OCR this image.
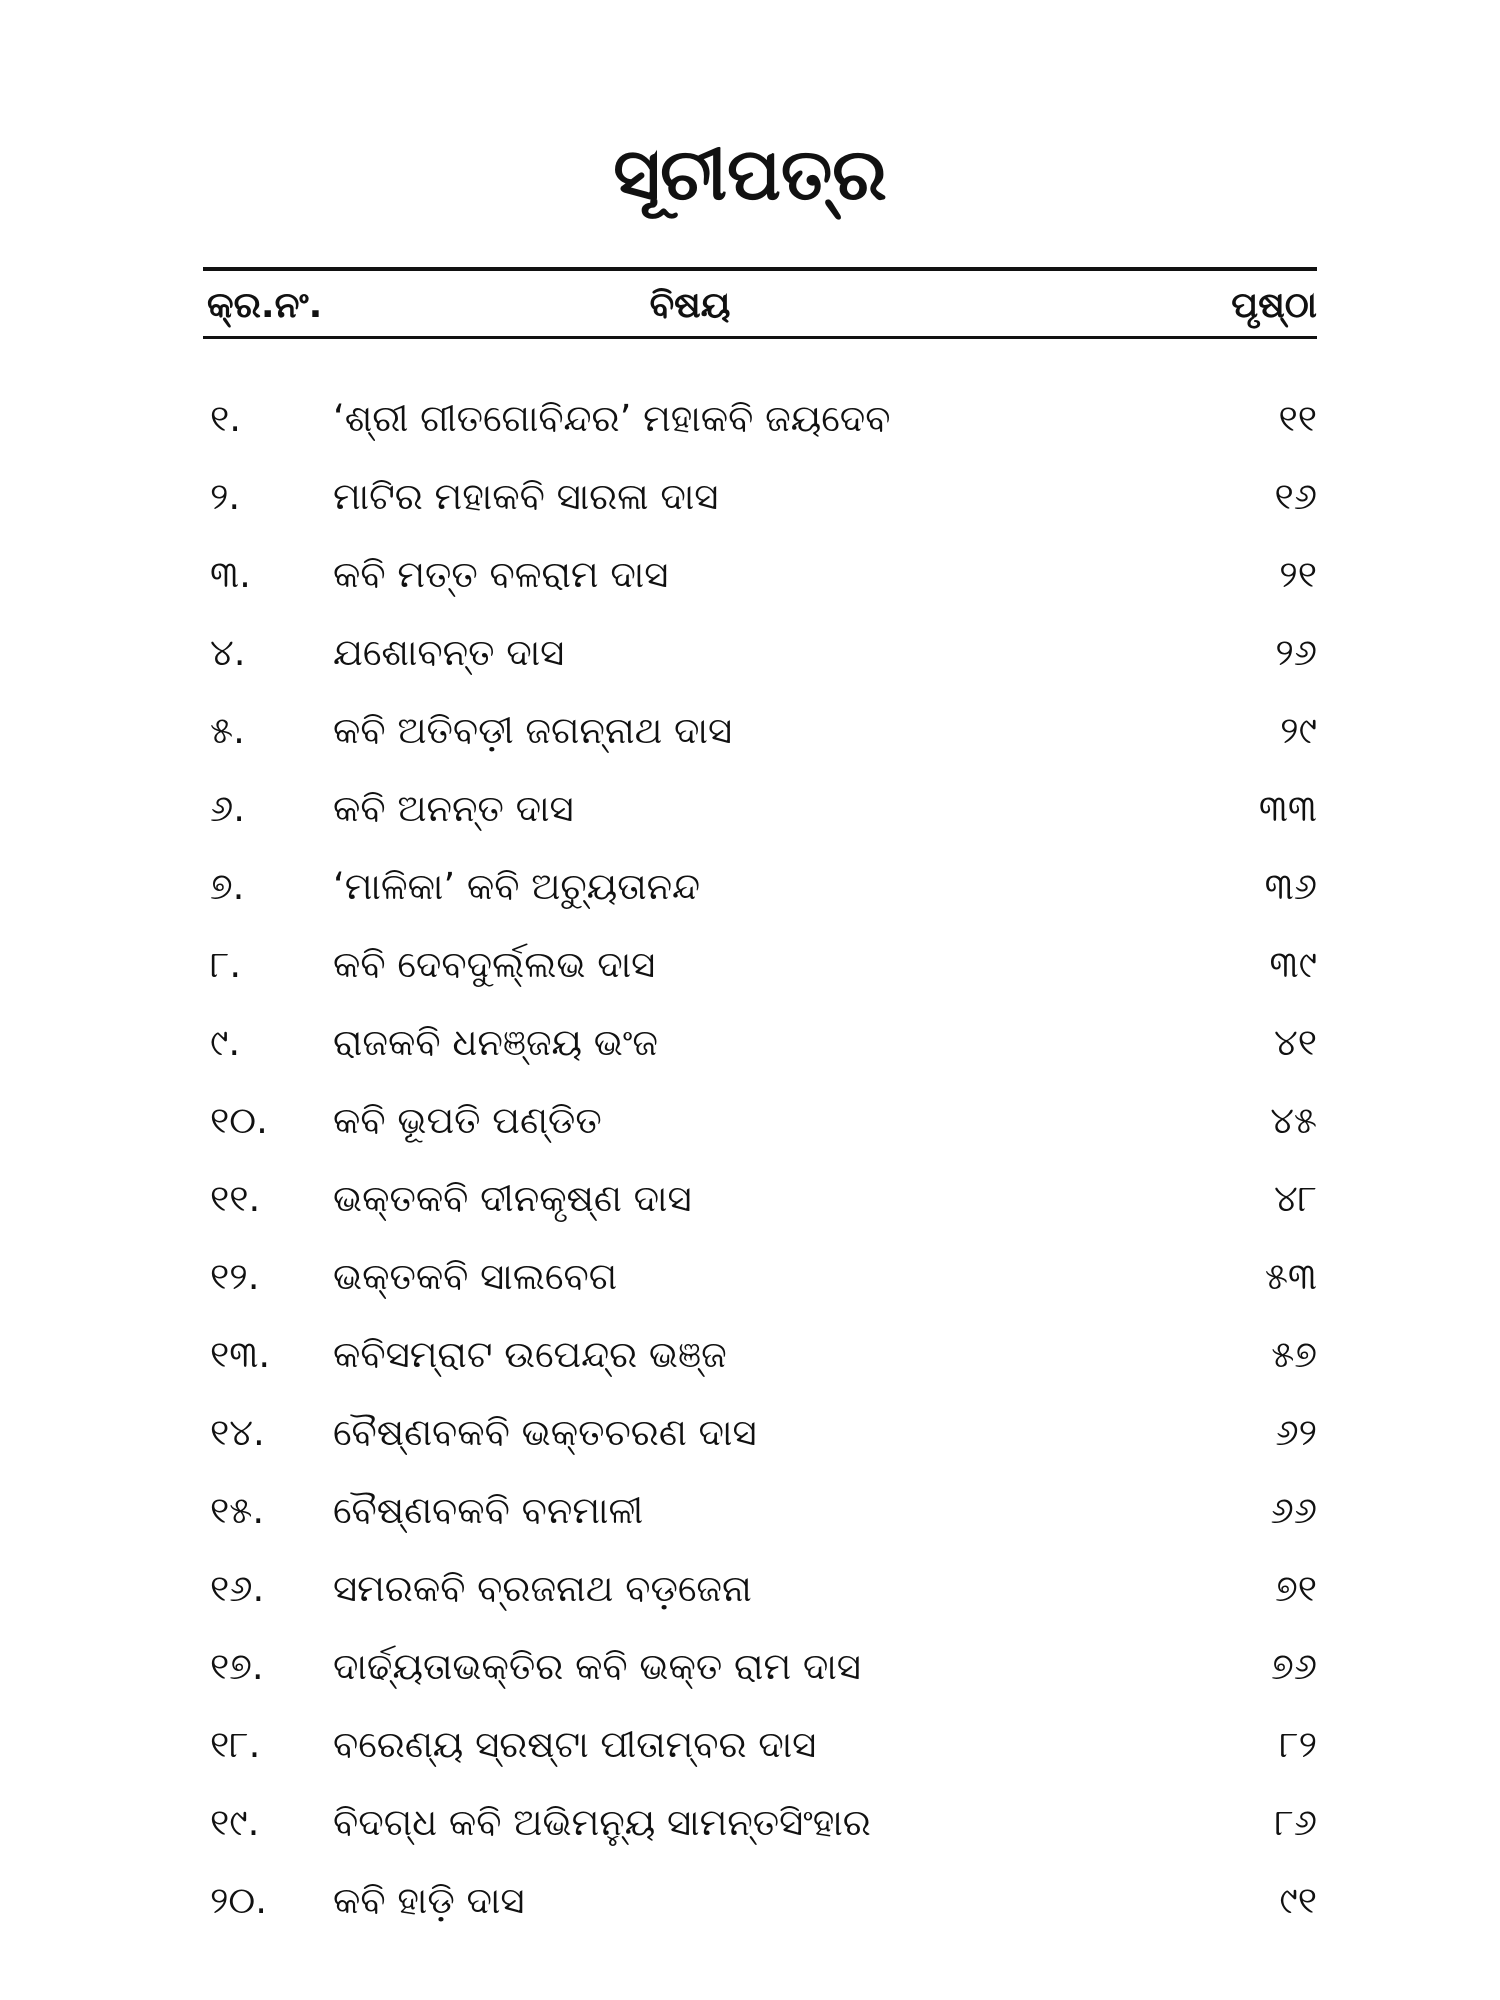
ସୂଚୀପତ୍ର
କ୍ର.ନଂ.	ବିଷୟ	ପୃଷ୍ଠା
୧.	‘ଶ୍ରୀ ଗୀତଗୋବିନ୍ଦର’ ମହାକବି ଜୟଦେବ	୧୧
୨.	ମାଟିର ମହାକବି ସାରଳା ଦାସ	୧୬
୩.	କବି ମତ୍ତ ବଳରାମ ଦାସ	୨୧
୪.	ଯଶୋବନ୍ତ ଦାସ	୨୬
୫.	କବି ଅତିବଡ଼ୀ ଜଗନ୍ନାଥ ଦାସ	୨୯
୬.	କବି ଅନନ୍ତ ଦାସ	୩୩
୭.	‘ମାଳିକା’ କବି ଅଚ୍ୟୁତାନନ୍ଦ	୩୬
୮.	କବି ଦେବଦୁର୍ଲ୍ଲଭ ଦାସ	୩୯
୯.	ରାଜକବି ଧନଞ୍ଜୟ ଭଂଜ	୪୧
୧୦.	କବି ଭୂପତି ପଣ୍ଡିତ	୪୫
୧୧.	ଭକ୍ତକବି ଦୀନକୃଷ୍ଣ ଦାସ	୪୮
୧୨.	ଭକ୍ତକବି ସାଲବେଗ	୫୩
୧୩.	କବିସମ୍ରାଟ ଉପେନ୍ଦ୍ର ଭଞ୍ଜ	୫୭
୧୪.	ବୈଷ୍ଣବକବି ଭକ୍ତଚରଣ ଦାସ	୬୨
୧୫.	ବୈଷ୍ଣବକବି ବନମାଳୀ	୬୬
୧୬.	ସମରକବି ବ୍ରଜନାଥ ବଡ଼ଜେନା	୭୧
୧୭.	ଦାର୍ଢ୍ୟତାଭକ୍ତିର କବି ଭକ୍ତ ରାମ ଦାସ	୭୬
୧୮.	ବରେଣ୍ୟ ସ୍ରଷ୍ଟା ପୀତାମ୍ବର ଦାସ	୮୨
୧୯.	ବିଦଗ୍ଧ କବି ଅଭିମନ୍ୟୁ ସାମନ୍ତସିଂହାର	୮୬
୨୦.	କବି ହାଡ଼ି ଦାସ	୯୧
